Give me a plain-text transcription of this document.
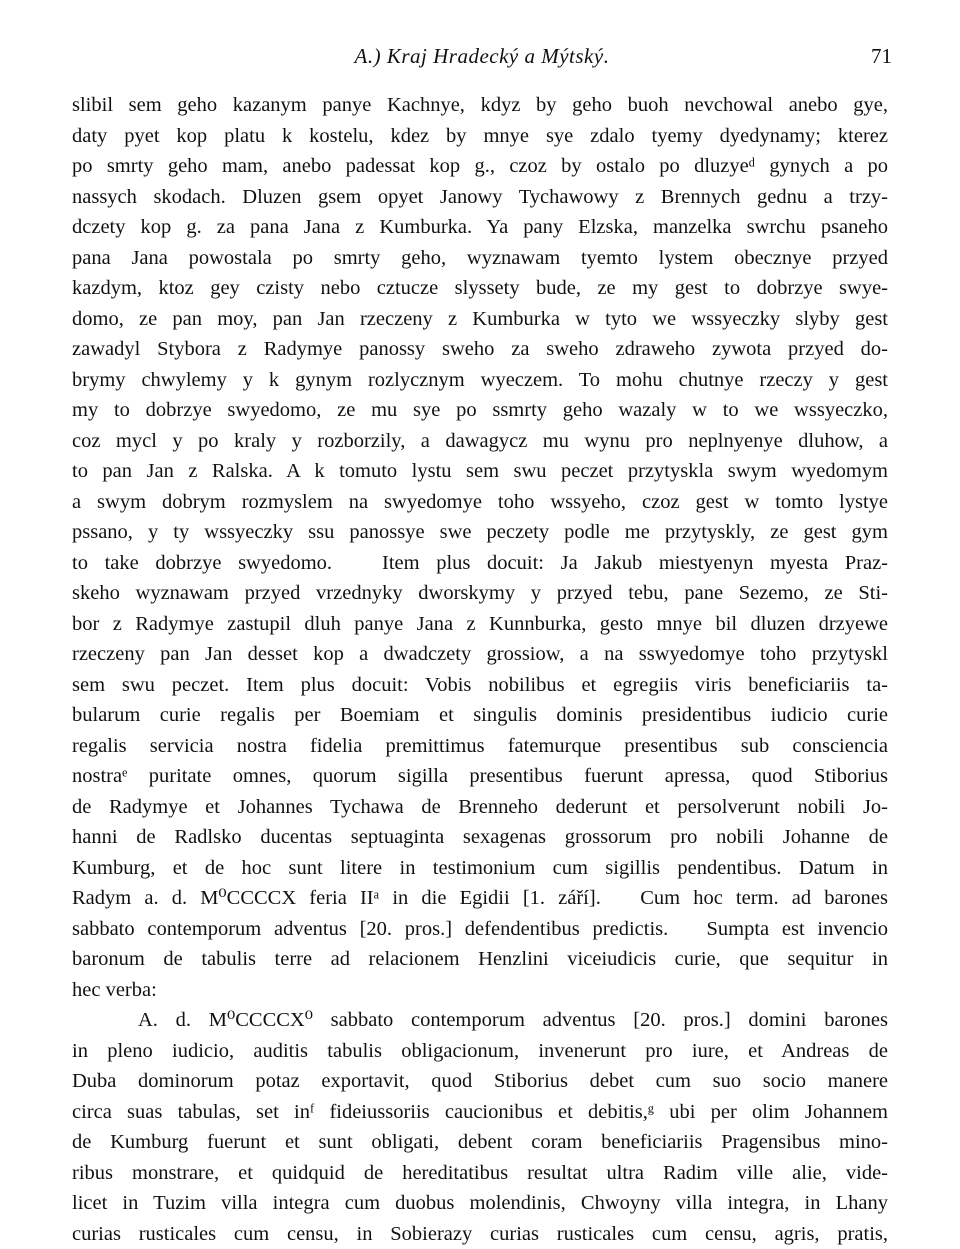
A.) Kraj Hradecký a Mýtský.	71
slibil sem geho kazanym panye Kachnye, kdyz by geho buoh nevchowal anebo gye,
daty pyet kop platu k kostelu, kdez by mnye sye zdalo tyemy dyedynamy; kterez
po smrty geho mam, anebo padessat kop g., czoz by ostalo po dluzyeᵈ gynych a po
nassych skodach. Dluzen gsem opyet Janowy Tychawowy z Brennych gednu a trzy-
dczety kop g. za pana Jana z Kumburka. Ya pany Elzska, manzelka swrchu psaneho
pana Jana powostala po smrty geho, wyznawam tyemto lystem obecznye przyed
kazdym, ktoz gey czisty nebo cztucze slyssety bude, ze my gest to dobrzye swye-
domo, ze pan moy, pan Jan rzeczeny z Kumburka w tyto we wssyeczky slyby gest
zawadyl Stybora z Radymye panossy sweho za sweho zdraweho zywota przyed do-
brymy chwylemy y k gynym rozlycznym wyeczem. To mohu chutnye rzeczy y gest
my to dobrzye swyedomo, ze mu sye po ssmrty geho wazaly w to we wssyeczko,
coz mycl y po kraly y rozborzily, a dawagycz mu wynu pro neplnyenye dluhow, a
to pan Jan z Ralska. A k tomuto lystu sem swu peczet przytyskla swym wyedomym
a swym dobrym rozmyslem na swyedomye toho wssyeho, czoz gest w tomto lystye
pssano, y ty wssyeczky ssu panossye swe peczety podle me przytyskly, ze gest gym
to take dobrzye swyedomo.   Item plus docuit: Ja Jakub miestyenyn myesta Praz-
skeho wyznawam przyed vrzednyky dworskymy y przyed tebu, pane Sezemo, ze Sti-
bor z Radymye zastupil dluh panye Jana z Kunnburka, gesto mnye bil dluzen drzyewe
rzeczeny pan Jan desset kop a dwadczety grossiow, a na sswyedomye toho przytyskl
sem swu peczet. Item plus docuit: Vobis nobilibus et egregiis viris beneficiariis ta-
bularum curie regalis per Boemiam et singulis dominis presidentibus iudicio curie
regalis servicia nostra fidelia premittimus fatemurque presentibus sub consciencia
nostraᵉ puritate omnes, quorum sigilla presentibus fuerunt apressa, quod Stiborius
de Radymye et Johannes Tychawa de Brenneho dederunt et persolverunt nobili Jo-
hanni de Radlsko ducentas septuaginta sexagenas grossorum pro nobili Johanne de
Kumburg, et de hoc sunt litere in testimonium cum sigillis pendentibus. Datum in
Radym a. d. M⁰CCCCX feria IIᵃ in die Egidii [1. září].   Cum hoc term. ad barones
sabbato contemporum adventus [20. pros.] defendentibus predictis.   Sumpta est invencio
baronum de tabulis terre ad relacionem Henzlini viceiudicis curie, que sequitur in
hec verba:
A. d. M⁰CCCCX⁰ sabbato contemporum adventus [20. pros.] domini barones
in pleno iudicio, auditis tabulis obligacionum, invenerunt pro iure, et Andreas de
Duba dominorum potaz exportavit, quod Stiborius debet cum suo socio manere
circa suas tabulas, set inᶠ fideiussoriis caucionibus et debitis,ᵍ ubi per olim Johannem
de Kumburg fuerunt et sunt obligati, debent coram beneficiariis Pragensibus mino-
ribus monstrare, et quidquid de hereditatibus resultat ultra Radim ville alie, vide-
licet in Tuzim villa integra cum duobus molendinis, Chwoyny villa integra, in Lhany
curias rusticales cum censu, in Sobierazy curias rusticales cum censu, agris, pratis,
